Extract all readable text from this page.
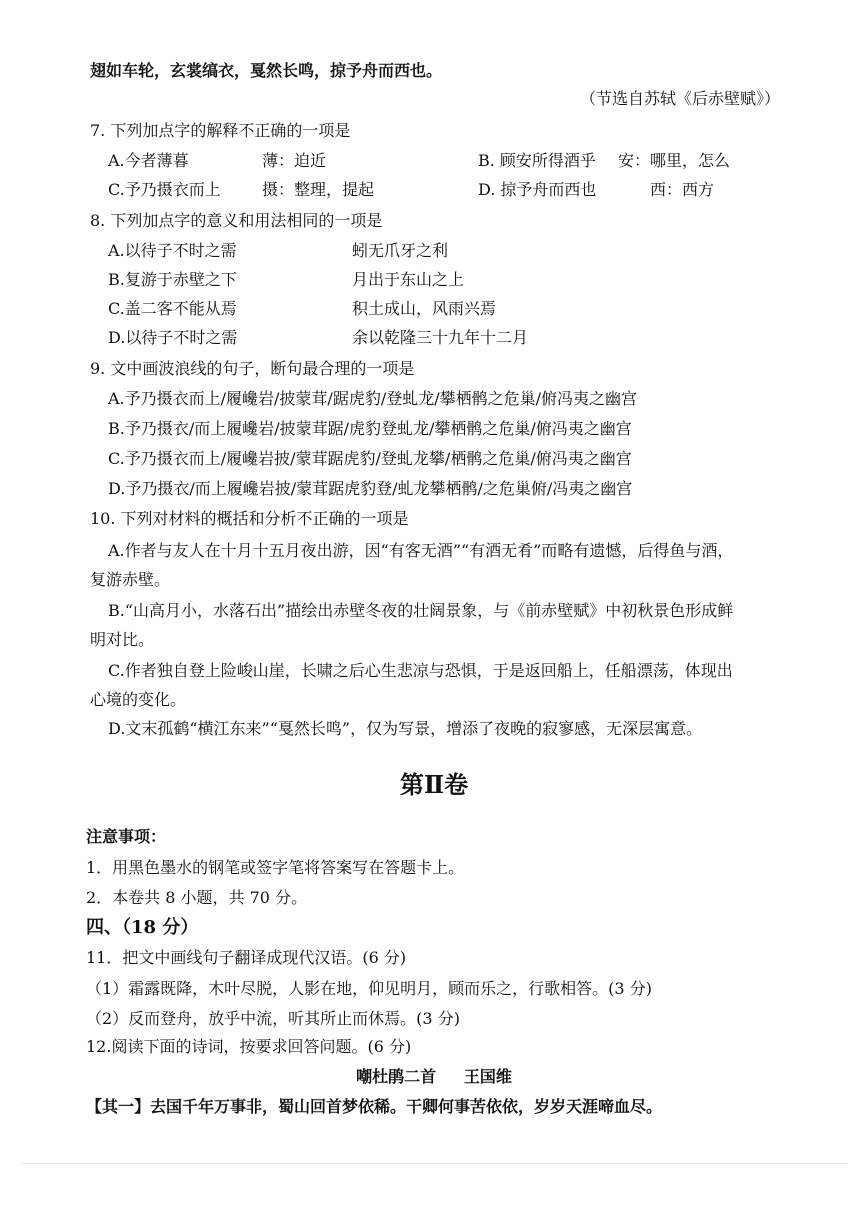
翅如车轮，玄裳缟衣，戛然长鸣，掠予舟而西也。
（节选自苏轼《后赤壁赋》）
7. 下列加点字的解释不正确的一项是
A.今者薄暮	薄：迫近	B. 顾安所得酒乎 安：哪里，怎么
C.予乃摄衣而上	摄：整理，提起	D. 掠予舟而西也	西：西方
8. 下列加点字的意义和用法相同的一项是
A.以待子不时之需	蚓无爪牙之利
B.复游于赤壁之下	月出于东山之上
C.盖二客不能从焉	积土成山，风雨兴焉
D.以待子不时之需	余以乾隆三十九年十二月
9. 文中画波浪线的句子，断句最合理的一项是
A.予乃摄衣而上/履巉岩/披蒙茸/踞虎豹/登虬龙/攀栖鹘之危巢/俯冯夷之幽宫
B.予乃摄衣/而上履巉岩/披蒙茸踞/虎豹登虬龙/攀栖鹘之危巢/俯冯夷之幽宫
C.予乃摄衣而上/履巉岩披/蒙茸踞虎豹/登虬龙攀/栖鹘之危巢/俯冯夷之幽宫
D.予乃摄衣/而上履巉岩披/蒙茸踞虎豹登/虬龙攀栖鹘/之危巢俯/冯夷之幽宫
10. 下列对材料的概括和分析不正确的一项是
A.作者与友人在十月十五月夜出游，因“有客无酒”“有酒无肴”而略有遗憾，后得鱼与酒，
复游赤壁。
B.“山高月小，水落石出”描绘出赤壁冬夜的壮阔景象，与《前赤壁赋》中初秋景色形成鲜
明对比。
C.作者独自登上险峻山崖，长啸之后心生悲凉与恐惧，于是返回船上，任船漂荡，体现出
心境的变化。
D.文末孤鹤“横江东来”“戛然长鸣”，仅为写景，增添了夜晚的寂寥感，无深层寓意。
第Ⅱ卷
注意事项：
1．用黑色墨水的钢笔或签字笔将答案写在答题卡上。
2．本卷共 8 小题，共 70 分。
四、（18 分）
11．把文中画线句子翻译成现代汉语。(6 分)
（1）霜露既降，木叶尽脱，人影在地，仰见明月，顾而乐之，行歌相答。(3 分)
（2）反而登舟，放乎中流，听其所止而休焉。(3 分)
12.阅读下面的诗词，按要求回答问题。(6 分)
嘲杜鹃二首     王国维
【其一】去国千年万事非，蜀山回首梦依稀。干卿何事苦依依，岁岁天涯啼血尽。
